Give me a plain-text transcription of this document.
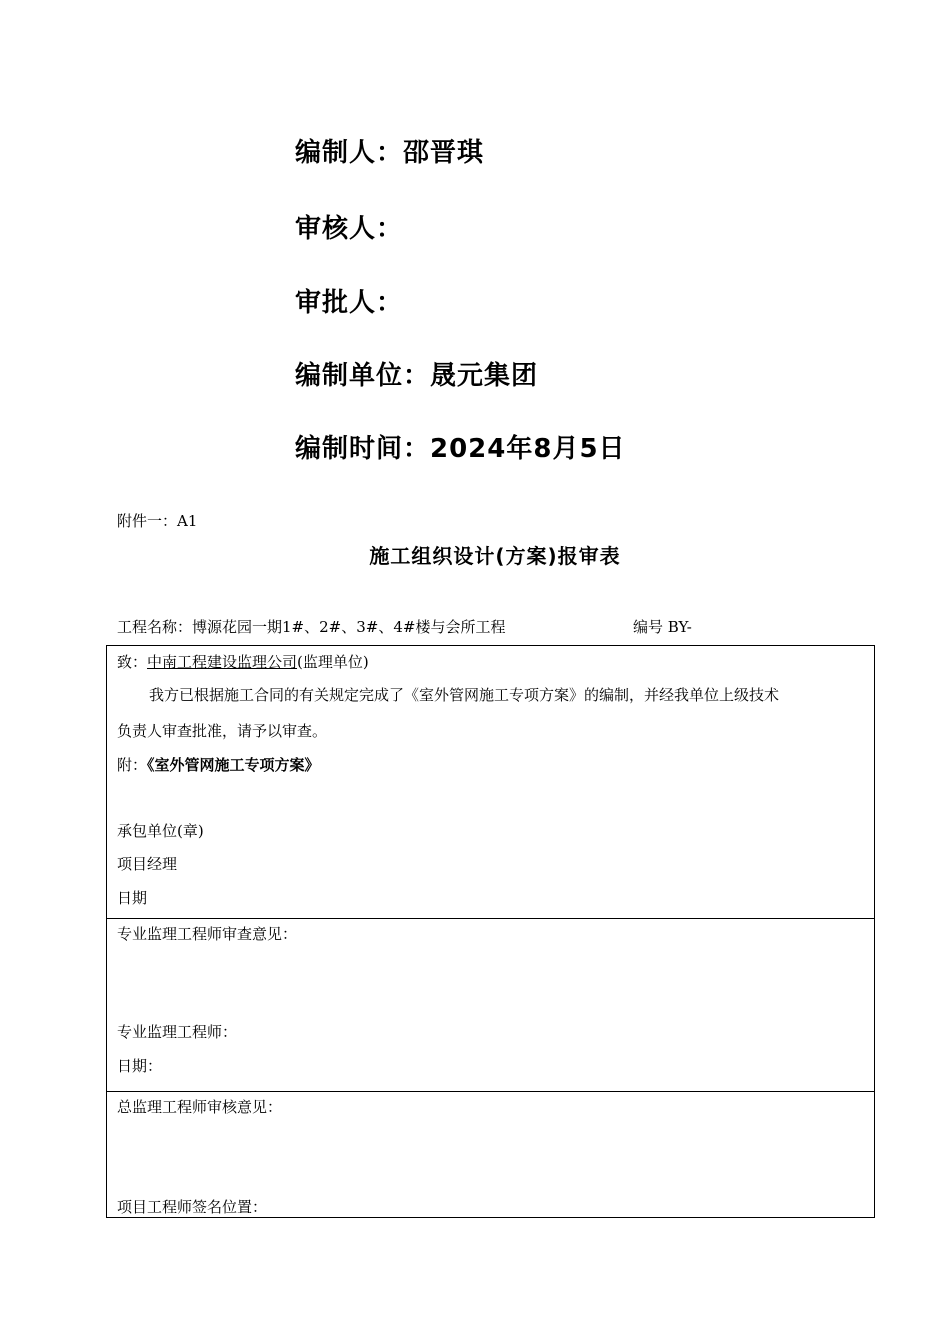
编制人：邵晋琪
审核人：
审批人：
编制单位：晟元集团
编制时间：2024年8月5日
附件一：A1
施工组织设计(方案)报审表
工程名称：博源花园一期1#、2#、3#、4#楼与会所工程	编号 BY-
致：中南工程建设监理公司(监理单位)
我方已根据施工合同的有关规定完成了《室外管网施工专项方案》的编制，并经我单位上级技术
负责人审查批准，请予以审查。
附：《室外管网施工专项方案》
承包单位(章)
项目经理
日期
专业监理工程师审查意见：
专业监理工程师：
日期：
总监理工程师审核意见：
项目工程师签名位置：
